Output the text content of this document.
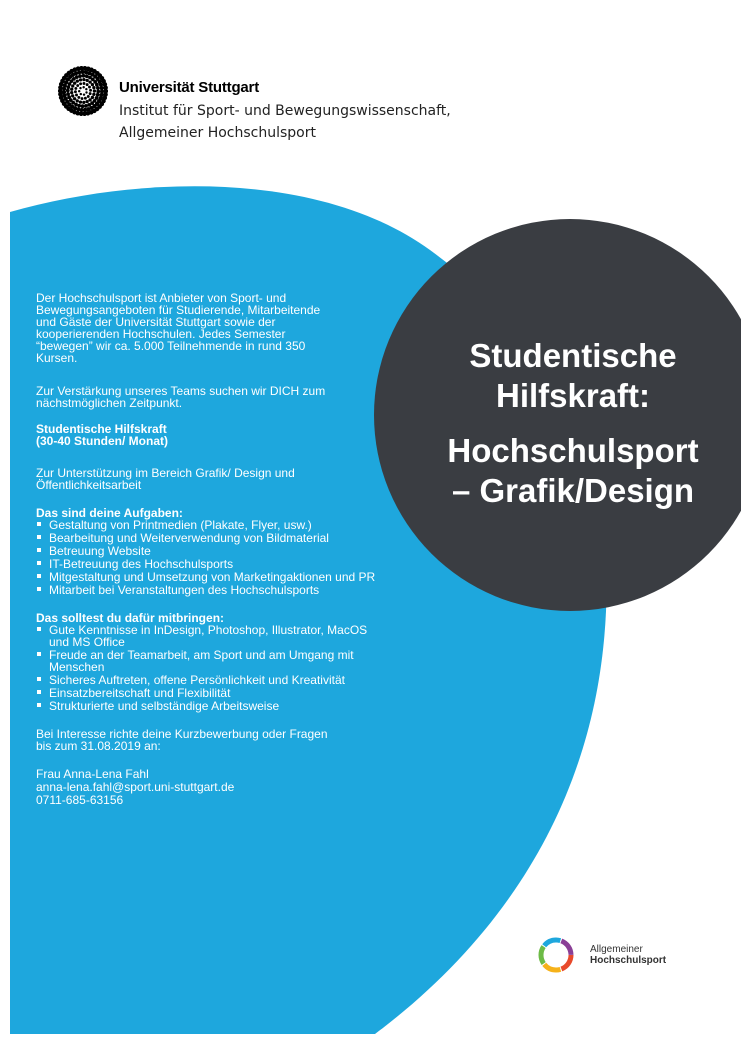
Universität Stuttgart
Institut für Sport- und Bewegungswissenschaft,
Allgemeiner Hochschulsport
Studentische
Hilfskraft:
Hochschulsport
– Grafik/Design

Der Hochschulsport ist Anbieter von Sport- und
Bewegungsangeboten für Studierende, Mitarbeitende
und Gäste der Universität Stuttgart sowie der
kooperierenden Hochschulen. Jedes Semester
“bewegen” wir ca. 5.000 Teilnehmende in rund 350
Kursen.

Zur Verstärkung unseres Teams suchen wir DICH zum
nächstmöglichen Zeitpunkt.

Studentische Hilfskraft
(30-40 Stunden/ Monat)

Zur Unterstützung im Bereich Grafik/ Design und
Öffentlichkeitsarbeit

Das sind deine Aufgaben:

Gestaltung von Printmedien (Plakate, Flyer, usw.)
Bearbeitung und Weiterverwendung von Bildmaterial
Betreuung Website
IT-Betreuung des Hochschulsports
Mitgestaltung und Umsetzung von Marketingaktionen und PR
Mitarbeit bei Veranstaltungen des Hochschulsports

Das solltest du dafür mitbringen:

Gute Kenntnisse in InDesign, Photoshop, Illustrator, MacOS und MS Office
Freude an der Teamarbeit, am Sport und am Umgang mit Menschen
Sicheres Auftreten, offene Persönlichkeit und Kreativität
Einsatzbereitschaft und Flexibilität
Strukturierte und selbständige Arbeitsweise

Bei Interesse richte deine Kurzbewerbung oder Fragen
bis zum 31.08.2019 an:

Frau Anna-Lena Fahl
anna-lena.fahl@sport.uni-stuttgart.de
0711-685-63156

Allgemeiner
Hochschulsport
